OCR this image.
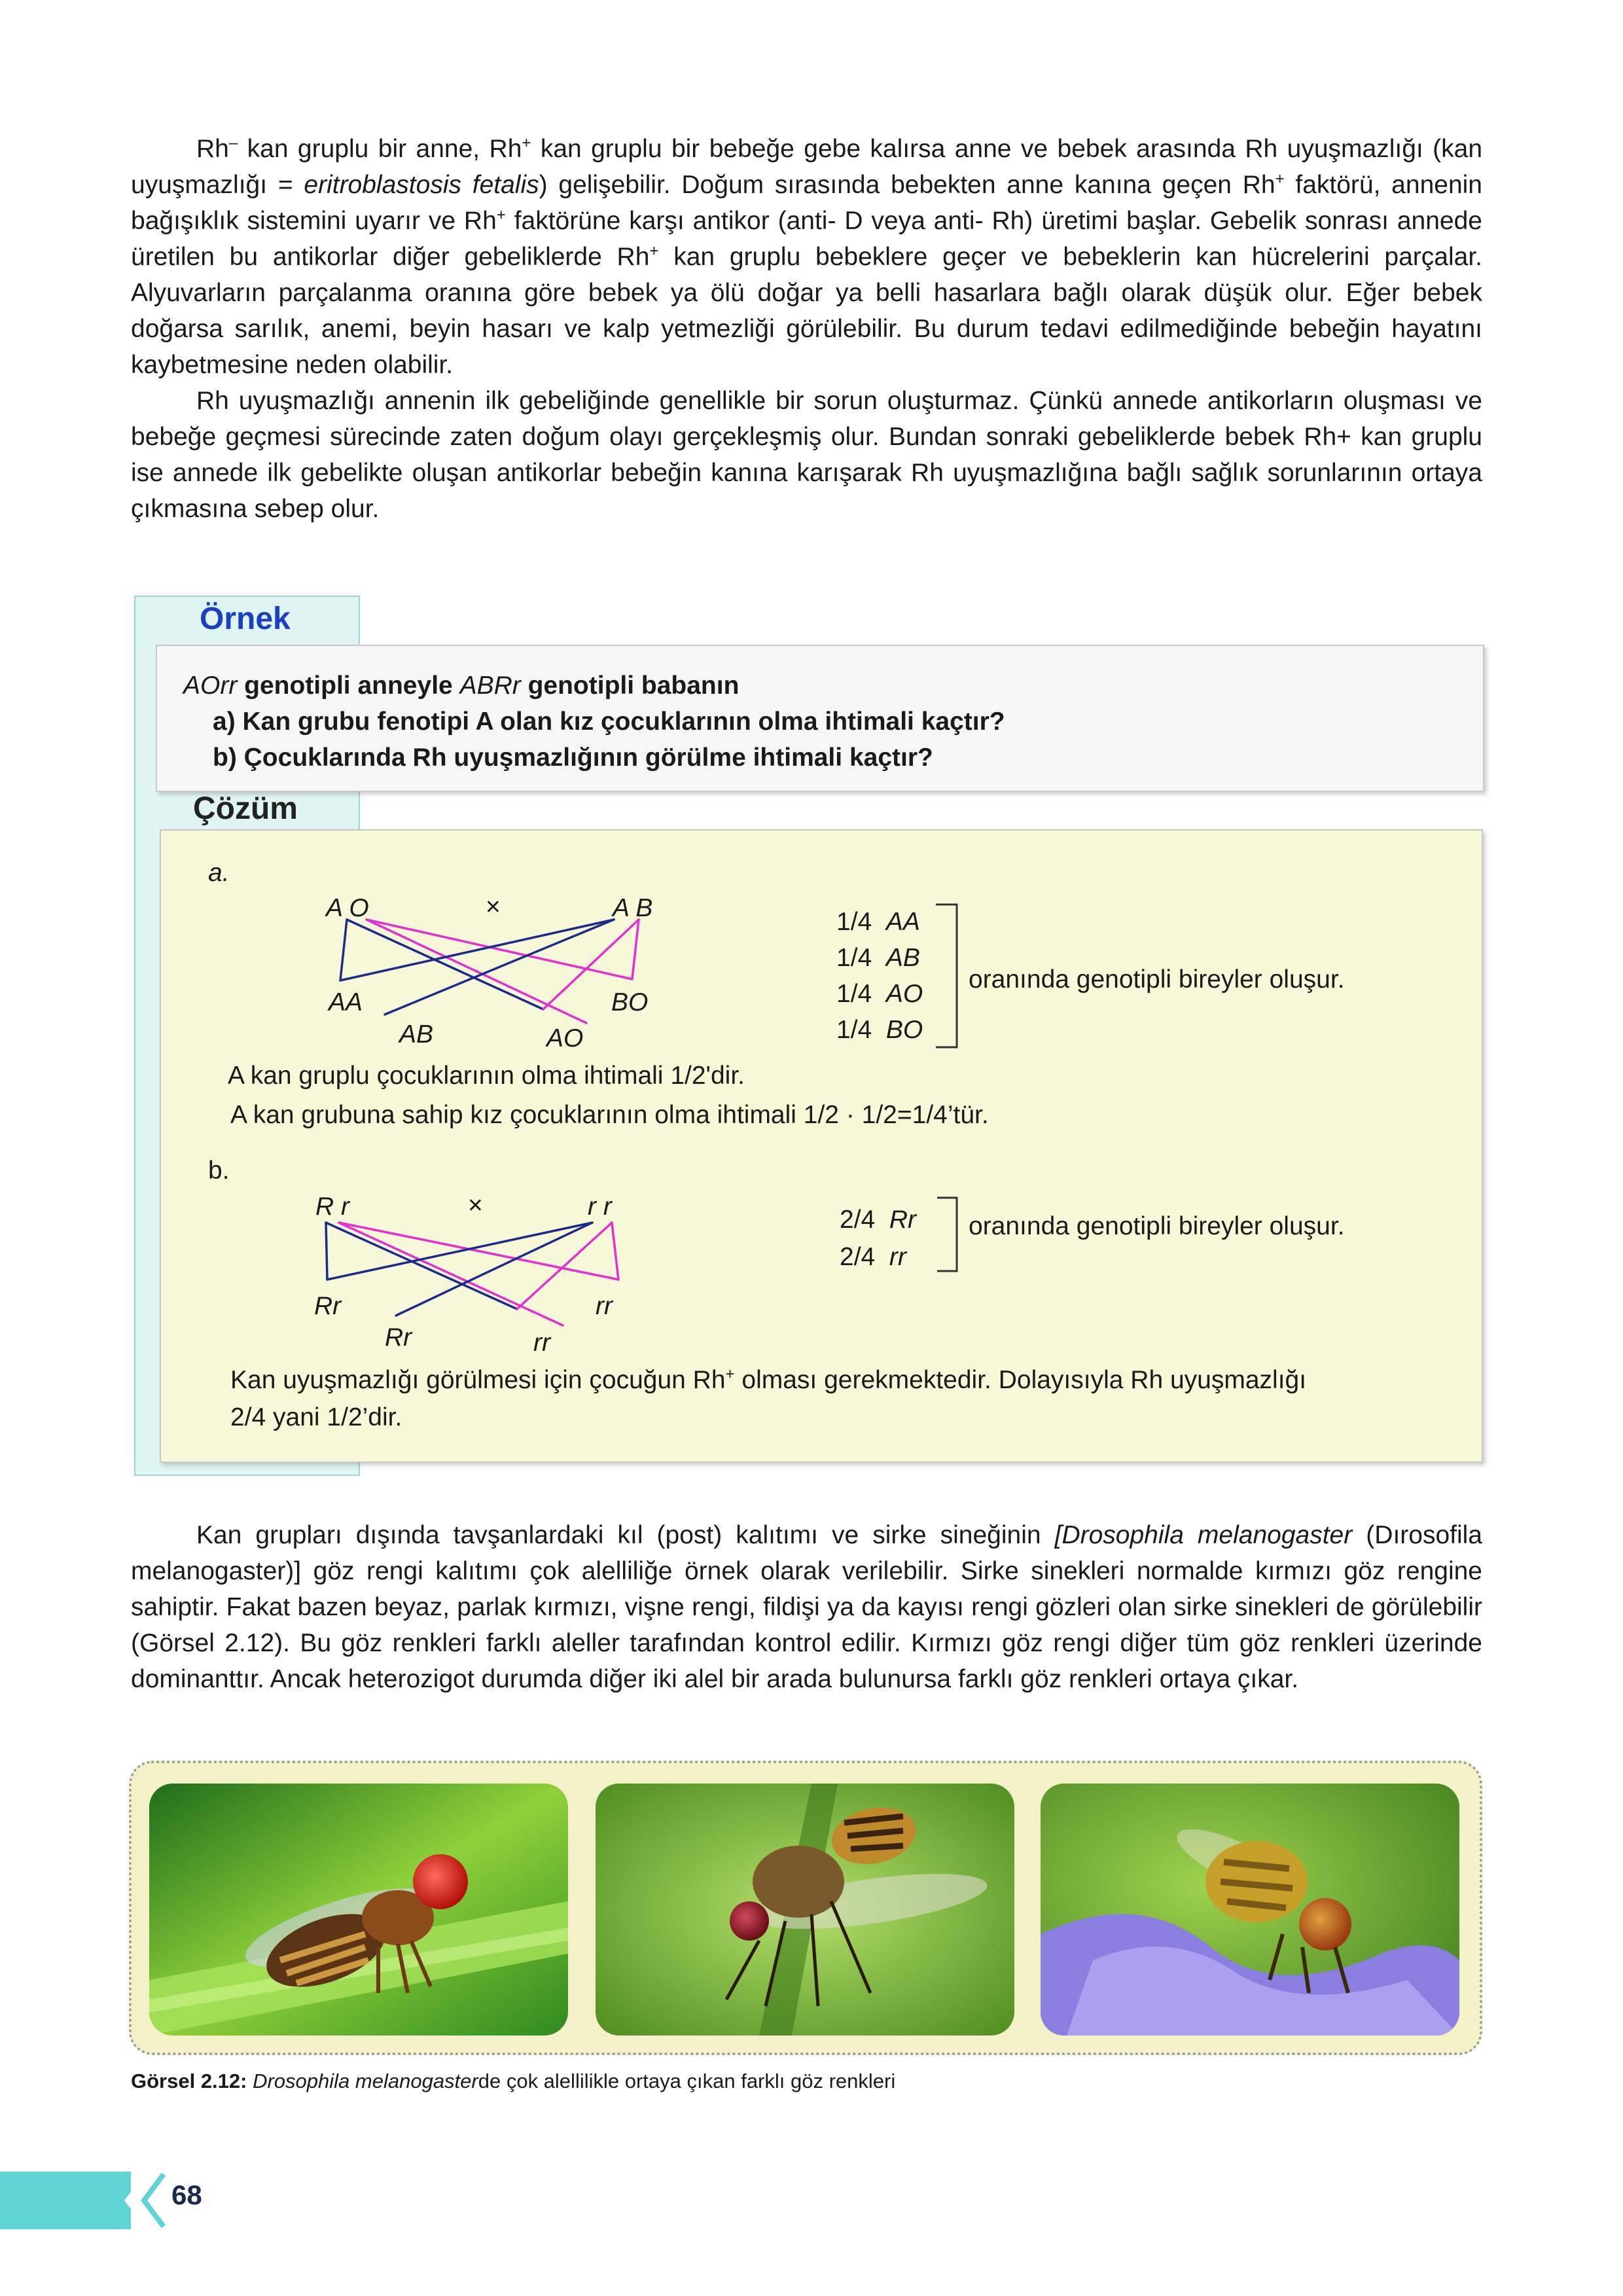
Rh– kan gruplu bir anne, Rh+ kan gruplu bir bebeğe gebe kalırsa anne ve bebek arasında Rh uyuşmazlığı (kan uyuşmazlığı = eritroblastosis fetalis) gelişebilir. Doğum sırasında bebekten anne kanına geçen Rh+ faktörü, annenin bağışıklık sistemini uyarır ve Rh+ faktörüne karşı antikor (anti- D veya anti- Rh) üretimi başlar. Gebelik sonrası annede üretilen bu antikorlar diğer gebeliklerde Rh+ kan gruplu bebeklere geçer ve bebeklerin kan hücrelerini parçalar. Alyuvarların parçalanma oranına göre bebek ya ölü doğar ya belli hasarlara bağlı olarak düşük olur. Eğer bebek doğarsa sarılık, anemi, beyin hasarı ve kalp yetmezliği görülebilir. Bu durum tedavi edilmediğinde bebeğin hayatını kaybetmesine neden olabilir.

Rh uyuşmazlığı annenin ilk gebeliğinde genellikle bir sorun oluşturmaz. Çünkü annede antikorların oluşması ve bebeğe geçmesi sürecinde zaten doğum olayı gerçekleşmiş olur. Bundan sonraki gebeliklerde bebek Rh+ kan gruplu ise annede ilk gebelikte oluşan antikorlar bebeğin kanına karışarak Rh uyuşmazlığına bağlı sağlık sorunlarının ortaya çıkmasına sebep olur.

Örnek
AOrr genotipli anneyle ABRr genotipli babanın
a) Kan grubu fenotipi A olan kız çocuklarının olma ihtimali kaçtır?
b) Çocuklarında Rh uyuşmazlığının görülme ihtimali kaçtır?
Çözüm
a.
A O	×	A B
AA
AB	AO
BO
1/4 AA
1/4 AB
1/4 AO
1/4 BO
oranında genotipli bireyler oluşur.
A kan gruplu çocuklarının olma ihtimali 1/2'dir.
A kan grubuna sahip kız çocuklarının olma ihtimali 1/2 · 1/2=1/4’tür.
b.
R r	×	r r
Rr
Rr	rr
rr
2/4 Rr
2/4 rr
oranında genotipli bireyler oluşur.
Kan uyuşmazlığı görülmesi için çocuğun Rh+ olması gerekmektedir. Dolayısıyla Rh uyuşmazlığı
2/4 yani 1/2’dir.

Kan grupları dışında tavşanlardaki kıl (post) kalıtımı ve sirke sineğinin [Drosophila melanogaster (Dırosofila melanogaster)] göz rengi kalıtımı çok alelliliğe örnek olarak verilebilir. Sirke sinekleri normalde kırmızı göz rengine sahiptir. Fakat bazen beyaz, parlak kırmızı, vişne rengi, fildişi ya da kayısı rengi gözleri olan sirke sinekleri de görülebilir (Görsel 2.12). Bu göz renkleri farklı aleller tarafından kontrol edilir. Kırmızı göz rengi diğer tüm göz renkleri üzerinde dominanttır. Ancak heterozigot durumda diğer iki alel bir arada bulunursa farklı göz renkleri ortaya çıkar.

Görsel 2.12: Drosophila melanogasterde çok alellilikle ortaya çıkan farklı göz renkleri
68
